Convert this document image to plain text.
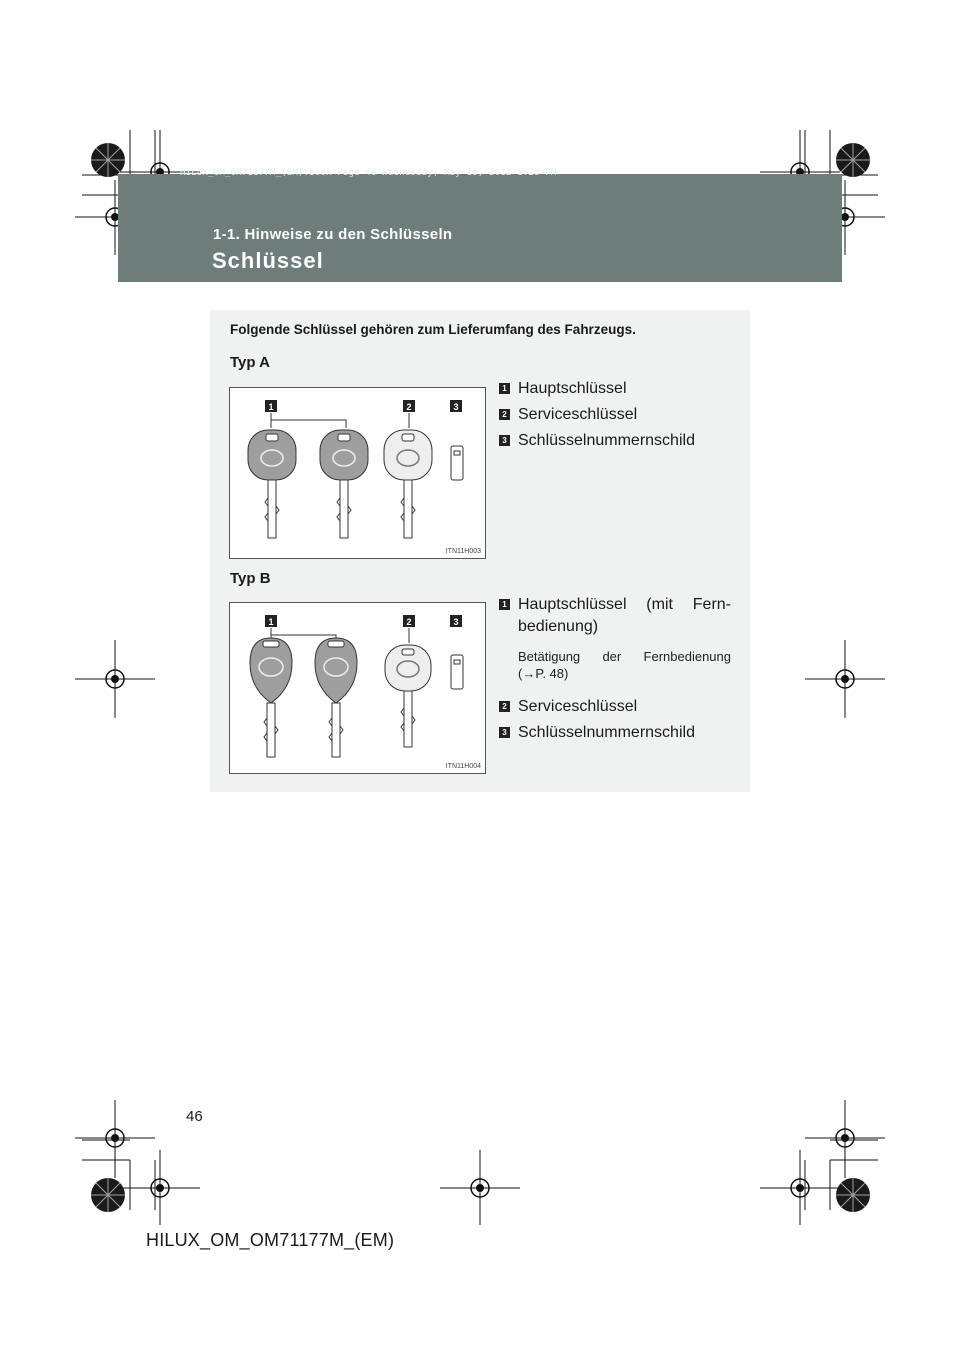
HILUX_OM_OM71177M_(EM).book Page 46 Wednesday, May 16, 2012 1:28 PM
1-1. Hinweise zu den Schlüsseln
Schlüssel
Folgende Schlüssel gehören zum Lieferumfang des Fahrzeugs.
Typ A
1	2	3
ITN11H003
1 Hauptschlüssel
2 Serviceschlüssel
3 Schlüsselnummernschild
Typ B
1	2	3
ITN11H004
1 Hauptschlüssel (mit Fern-
bedienung)
Betätigung der Fernbedienung
(→P. 48)
2 Serviceschlüssel
3 Schlüsselnummernschild
46
HILUX_OM_OM71177M_(EM)
